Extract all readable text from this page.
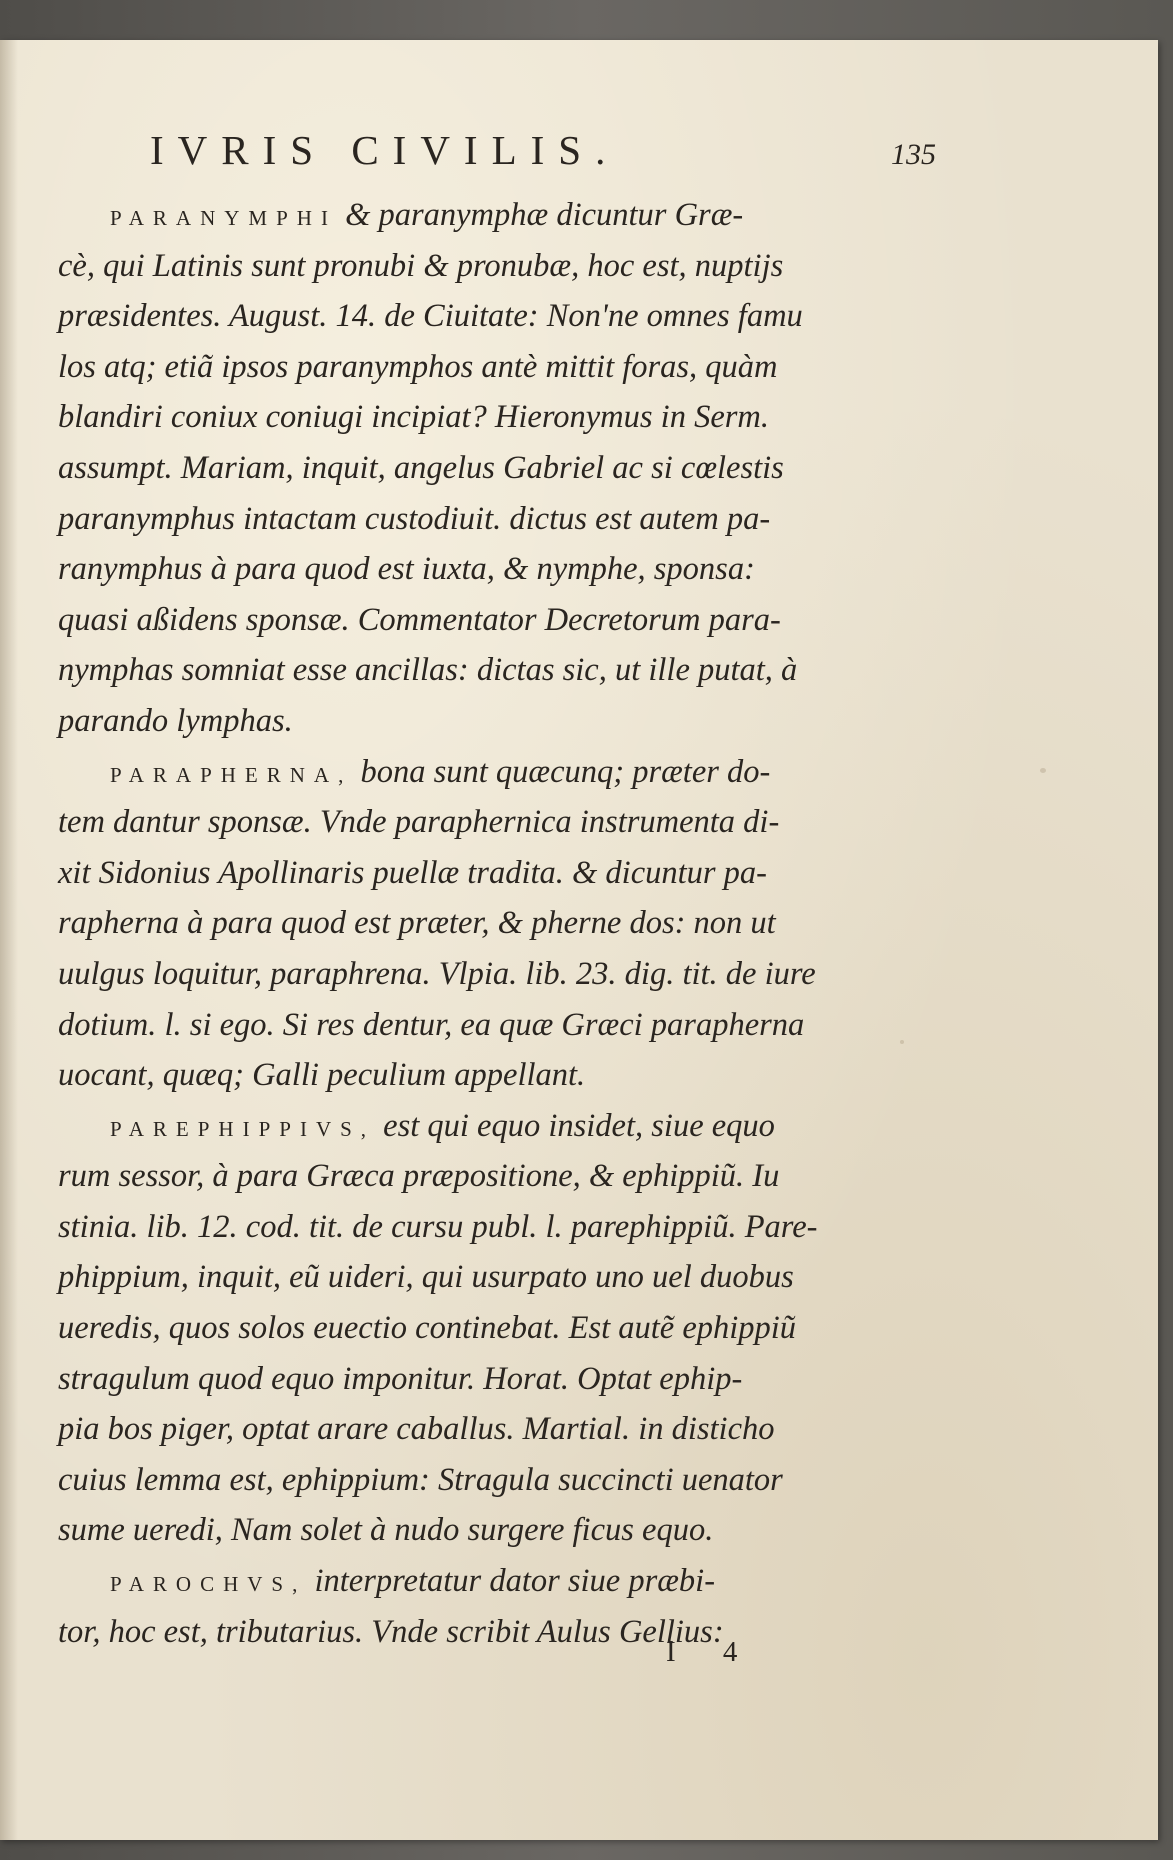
IVRIS CIVILIS.	135
PARANYMPHI & paranymphæ dicuntur Græ-
cè, qui Latinis sunt pronubi & pronubæ, hoc est, nuptijs
præsidentes. August. 14. de Ciuitate: Non'ne omnes famu
los atq; etiã ipsos paranymphos antè mittit foras, quàm
blandiri coniux coniugi incipiat? Hieronymus in Serm.
assumpt. Mariam, inquit, angelus Gabriel ac si cœlestis
paranymphus intactam custodiuit. dictus est autem pa-
ranymphus à para quod est iuxta, & nymphe, sponsa:
quasi aßidens sponsæ. Commentator Decretorum para-
nymphas somniat esse ancillas: dictas sic, ut ille putat, à
parando lymphas.
PARAPHERNA, bona sunt quæcunq; præter do-
tem dantur sponsæ. Vnde paraphernica instrumenta di-
xit Sidonius Apollinaris puellæ tradita. & dicuntur pa-
rapherna à para quod est præter, & pherne dos: non ut
uulgus loquitur, paraphrena. Vlpia. lib. 23. dig. tit. de iure
dotium. l. si ego. Si res dentur, ea quæ Græci parapherna
uocant, quæq; Galli peculium appellant.
PAREPHIPPIVS, est qui equo insidet, siue equo
rum sessor, à para Græca præpositione, & ephippiũ. Iu
stinia. lib. 12. cod. tit. de cursu publ. l. parephippiũ. Pare-
phippium, inquit, eũ uideri, qui usurpato uno uel duobus
ueredis, quos solos euectio continebat. Est autẽ ephippiũ
stragulum quod equo imponitur. Horat. Optat ephip-
pia bos piger, optat arare caballus. Martial. in disticho
cuius lemma est, ephippium: Stragula succincti uenator
sume ueredi, Nam solet à nudo surgere ficus equo.
PAROCHVS, interpretatur dator siue præbi-
tor, hoc est, tributarius. Vnde scribit Aulus Gellius:
I 4
